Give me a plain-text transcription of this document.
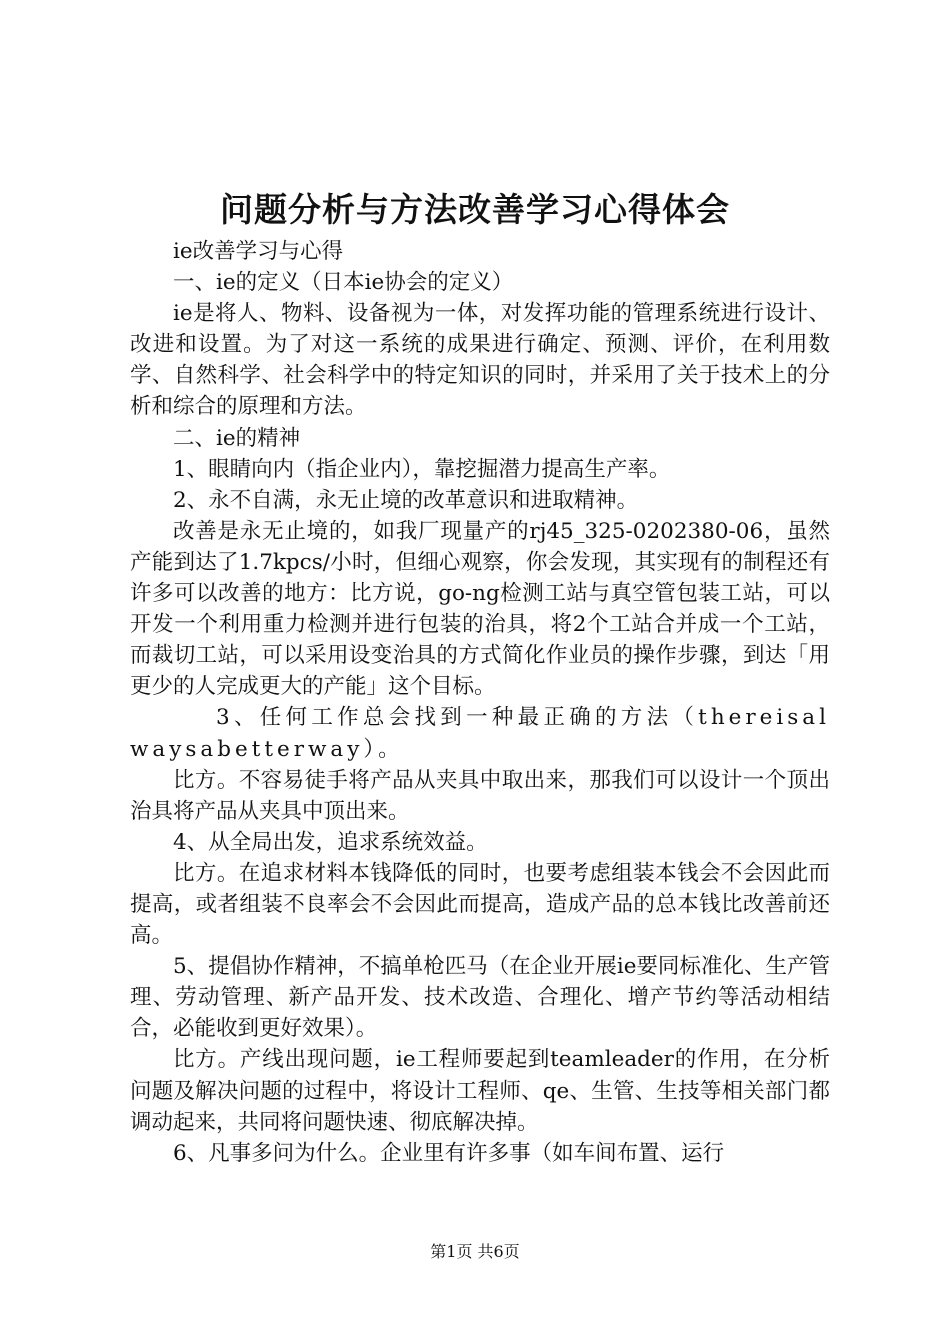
问题分析与方法改善学习心得体会

ie改善学习与心得

一、ie的定义（日本ie协会的定义）

ie是将人、物料、设备视为一体，对发挥功能的管理系统进行设计、改进和设置。为了对这一系统的成果进行确定、预测、评价，在利用数学、自然科学、社会科学中的特定知识的同时，并采用了关于技术上的分析和综合的原理和方法。

二、ie的精神

1、眼睛向内（指企业内），靠挖掘潜力提高生产率。

2、永不自满，永无止境的改革意识和进取精神。

改善是永无止境的，如我厂现量产的rj45_325-0202380-06，虽然产能到达了1.7kpcs/小时，但细心观察，你会发现，其实现有的制程还有许多可以改善的地方：比方说，go-ng检测工站与真空管包装工站，可以开发一个利用重力检测并进行包装的治具，将2个工站合并成一个工站，而裁切工站，可以采用设变治具的方式简化作业员的操作步骤，到达「用更少的人完成更大的产能」这个目标。

3、任何工作总会找到一种最正确的方法（thereisalwaysabetterway）。

比方。不容易徒手将产品从夹具中取出来，那我们可以设计一个顶出治具将产品从夹具中顶出来。

4、从全局出发，追求系统效益。

比方。在追求材料本钱降低的同时，也要考虑组装本钱会不会因此而提高，或者组装不良率会不会因此而提高，造成产品的总本钱比改善前还高。

5、提倡协作精神，不搞单枪匹马（在企业开展ie要同标准化、生产管理、劳动管理、新产品开发、技术改造、合理化、增产节约等活动相结合，必能收到更好效果）。

比方。产线出现问题，ie工程师要起到teamleader的作用，在分析问题及解决问题的过程中，将设计工程师、qe、生管、生技等相关部门都调动起来，共同将问题快速、彻底解决掉。

6、凡事多问为什么。企业里有许多事（如车间布置、运行

第1页 共6页
